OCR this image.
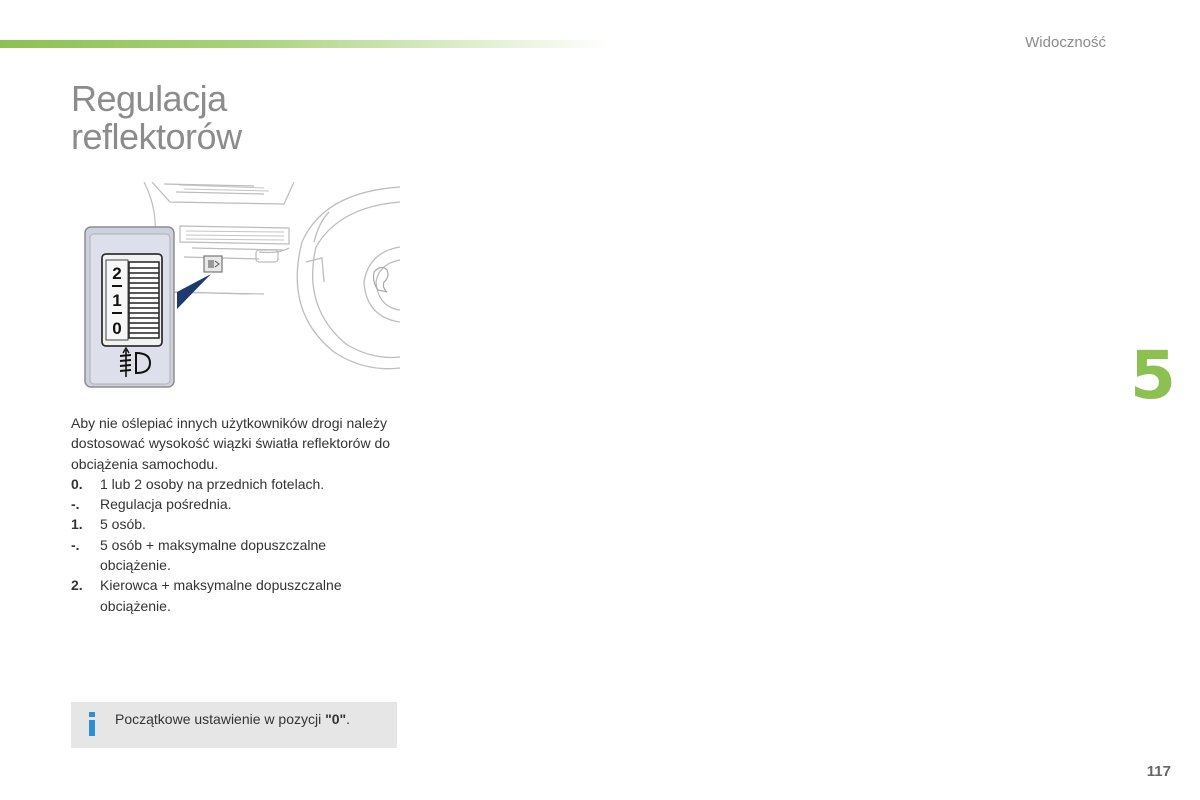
Widoczność
Regulacja
reflektorów
2
1
0

Aby nie oślepiać innych użytkowników drogi należy dostosować wysokość wiązki światła reflektorów do obciążenia samochodu.

0. 1 lub 2 osoby na przednich fotelach.
-. Regulacja pośrednia.
1. 5 osób.
-. 5 osób + maksymalne dopuszczalne obciążenie.
2. Kierowca + maksymalne dopuszczalne obciążenie.
Początkowe ustawienie w pozycji "0".
5
117
